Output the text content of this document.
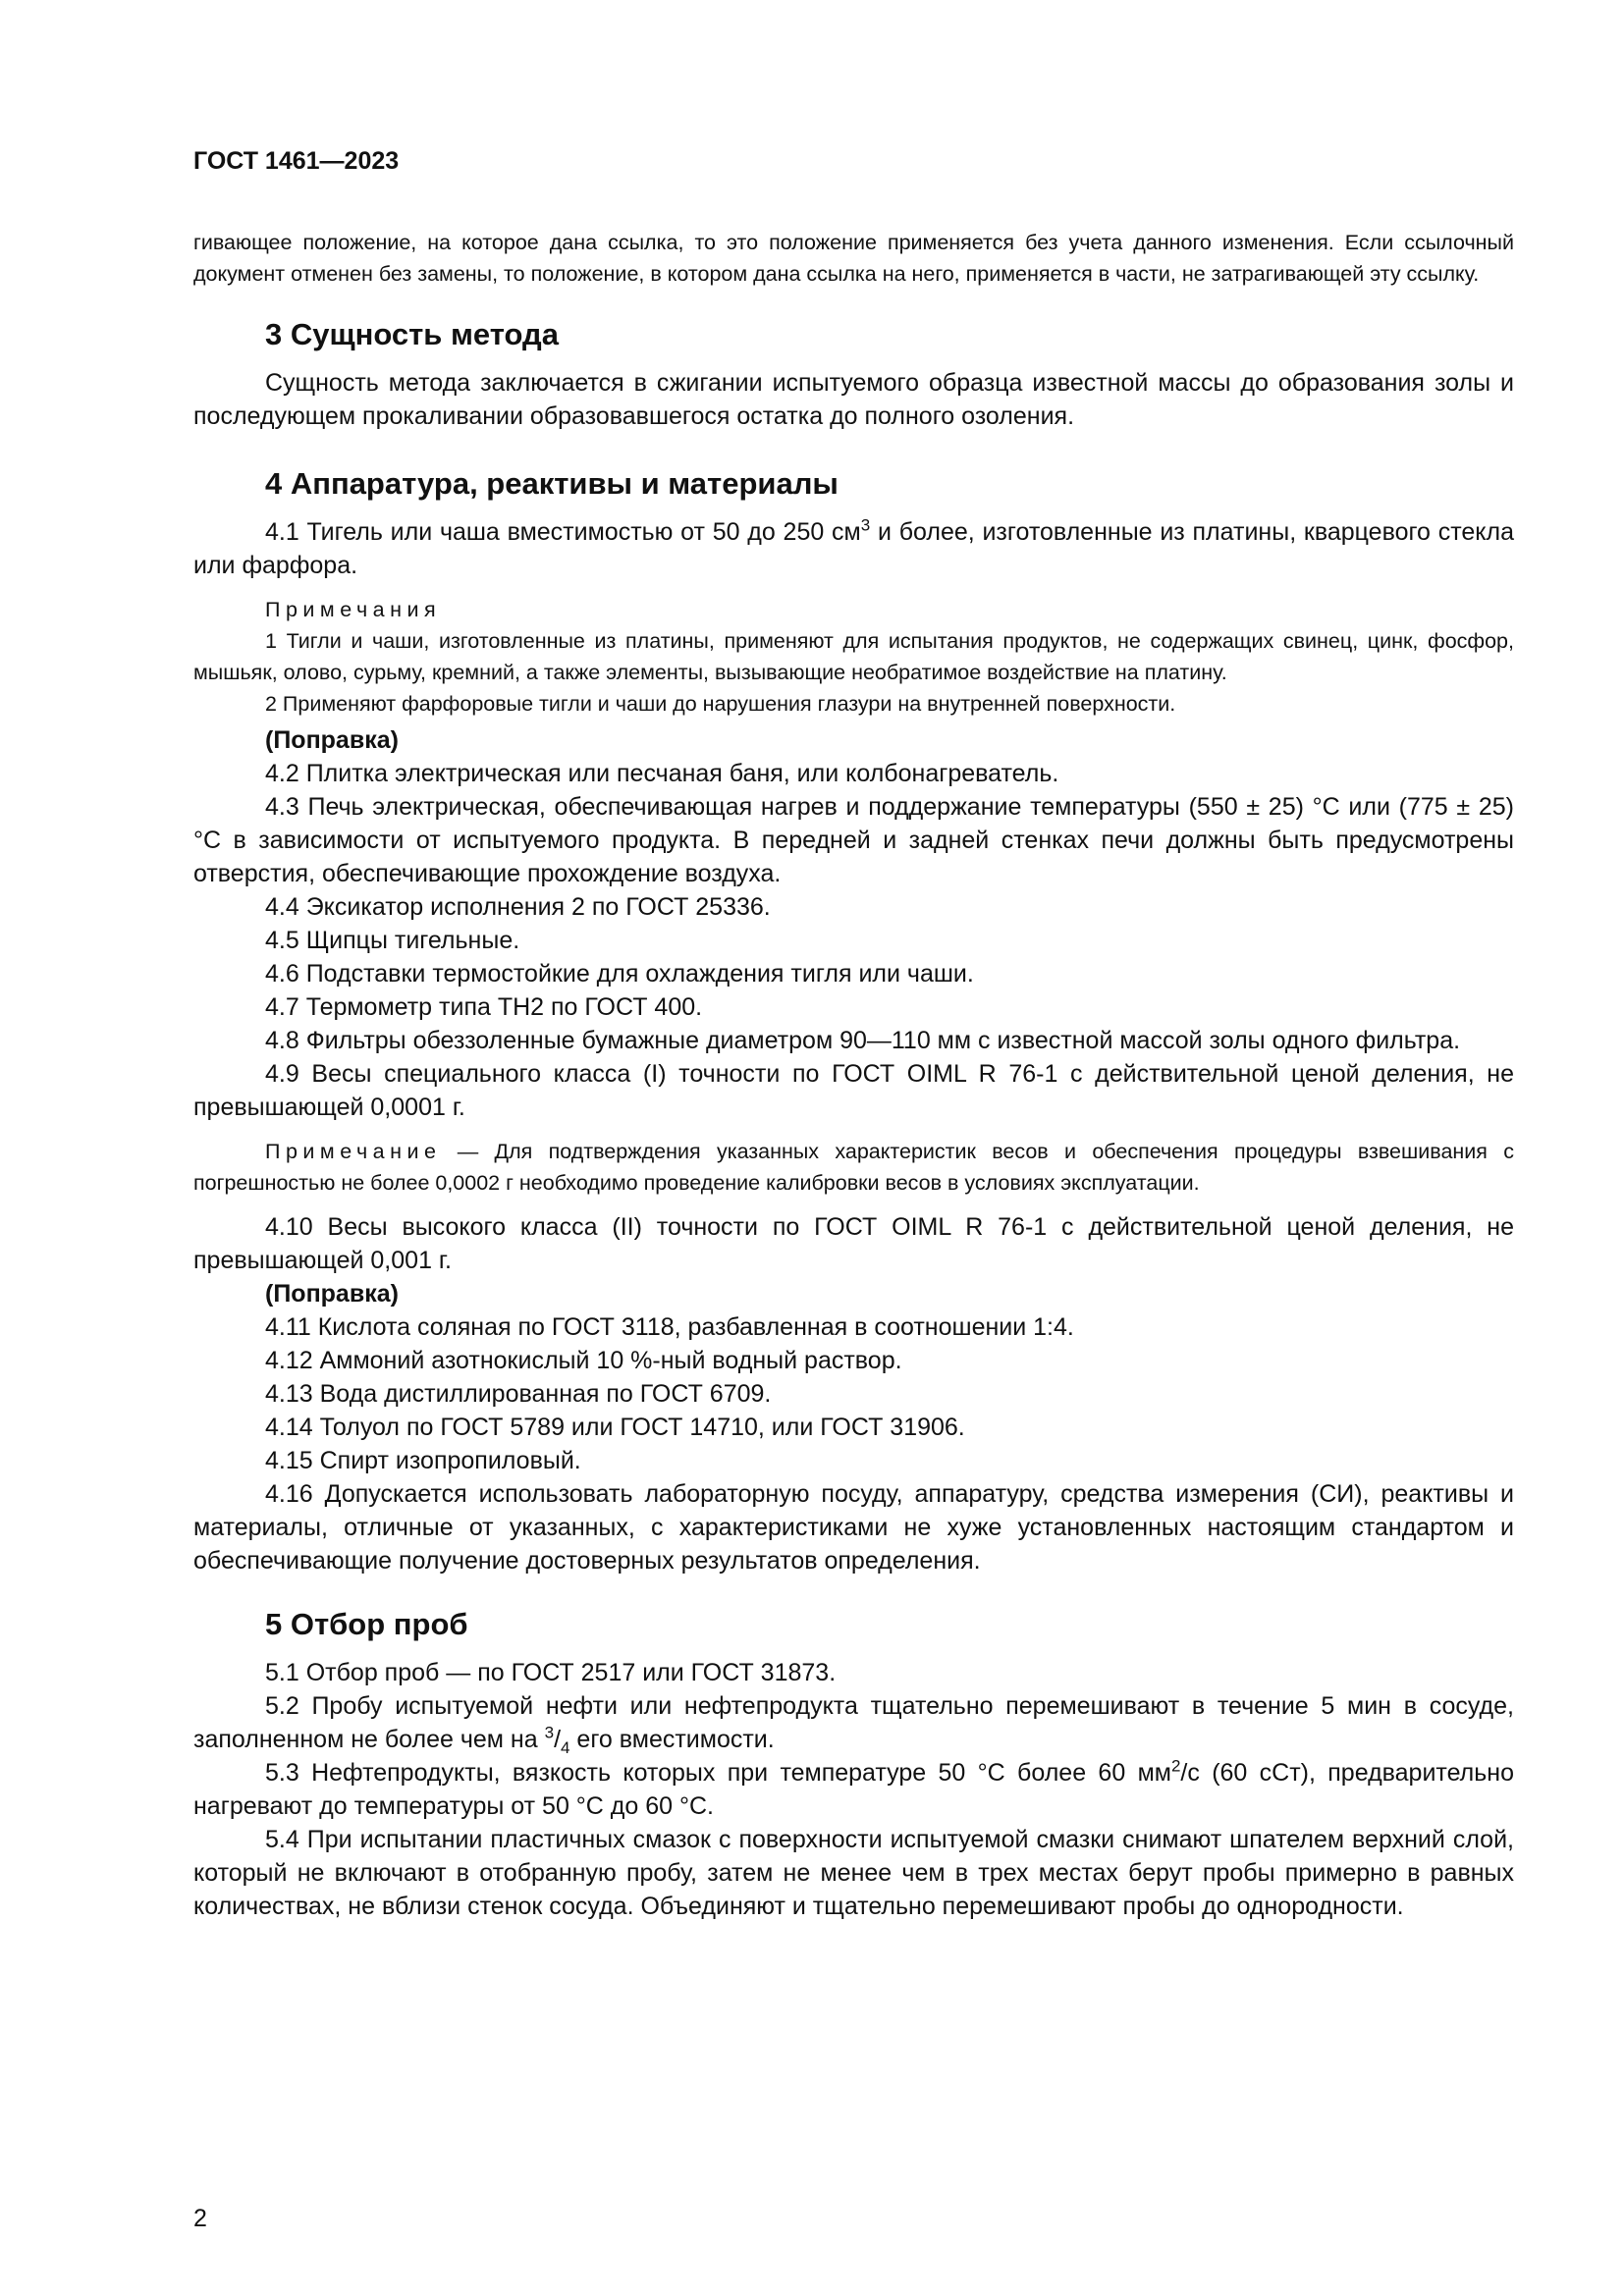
ГОСТ 1461—2023

гивающее положение, на которое дана ссылка, то это положение применяется без учета данного изменения. Если ссылочный документ отменен без замены, то положение, в котором дана ссылка на него, применяется в части, не затрагивающей эту ссылку.

3 Сущность метода

Сущность метода заключается в сжигании испытуемого образца известной массы до образования золы и последующем прокаливании образовавшегося остатка до полного озоления.

4 Аппаратура, реактивы и материалы

4.1 Тигель или чаша вместимостью от 50 до 250 $см^3$ и более, изготовленные из платины, кварцевого стекла или фарфора.

Примечания

1 Тигли и чаши, изготовленные из платины, применяют для испытания продуктов, не содержащих свинец, цинк, фосфор, мышьяк, олово, сурьму, кремний, а также элементы, вызывающие необратимое воздействие на платину.

2 Применяют фарфоровые тигли и чаши до нарушения глазури на внутренней поверхности.

(Поправка)

4.2 Плитка электрическая или песчаная баня, или колбонагреватель.

4.3 Печь электрическая, обеспечивающая нагрев и поддержание температуры (550 ± 25) °С или (775 ± 25) °С в зависимости от испытуемого продукта. В передней и задней стенках печи должны быть предусмотрены отверстия, обеспечивающие прохождение воздуха.

4.4 Эксикатор исполнения 2 по ГОСТ 25336.

4.5 Щипцы тигельные.

4.6 Подставки термостойкие для охлаждения тигля или чаши.

4.7 Термометр типа ТН2 по ГОСТ 400.

4.8 Фильтры обеззоленные бумажные диаметром 90—110 мм с известной массой золы одного фильтра.

4.9 Весы специального класса (I) точности по ГОСТ OIML R 76-1 с действительной ценой деления, не превышающей 0,0001 г.

Примечание — Для подтверждения указанных характеристик весов и обеспечения процедуры взвешивания с погрешностью не более 0,0002 г необходимо проведение калибровки весов в условиях эксплуатации.

4.10 Весы высокого класса (II) точности по ГОСТ OIML R 76-1 с действительной ценой деления, не превышающей 0,001 г.

(Поправка)

4.11 Кислота соляная по ГОСТ 3118, разбавленная в соотношении 1:4.

4.12 Аммоний азотнокислый 10 %-ный водный раствор.

4.13 Вода дистиллированная по ГОСТ 6709.

4.14 Толуол по ГОСТ 5789 или ГОСТ 14710, или ГОСТ 31906.

4.15 Спирт изопропиловый.

4.16 Допускается использовать лабораторную посуду, аппаратуру, средства измерения (СИ), реактивы и материалы, отличные от указанных, с характеристиками не хуже установленных настоящим стандартом и обеспечивающие получение достоверных результатов определения.

5 Отбор проб

5.1 Отбор проб — по ГОСТ 2517 или ГОСТ 31873.

5.2 Пробу испытуемой нефти или нефтепродукта тщательно перемешивают в течение 5 мин в сосуде, заполненном не более чем на $^3/_4$ его вместимости.

5.3 Нефтепродукты, вязкость которых при температуре 50 °С более 60 $мм^2/с$ (60 сСт), предварительно нагревают до температуры от 50 °С до 60 °С.

5.4 При испытании пластичных смазок с поверхности испытуемой смазки снимают шпателем верхний слой, который не включают в отобранную пробу, затем не менее чем в трех местах берут пробы примерно в равных количествах, не вблизи стенок сосуда. Объединяют и тщательно перемешивают пробы до однородности.

2
